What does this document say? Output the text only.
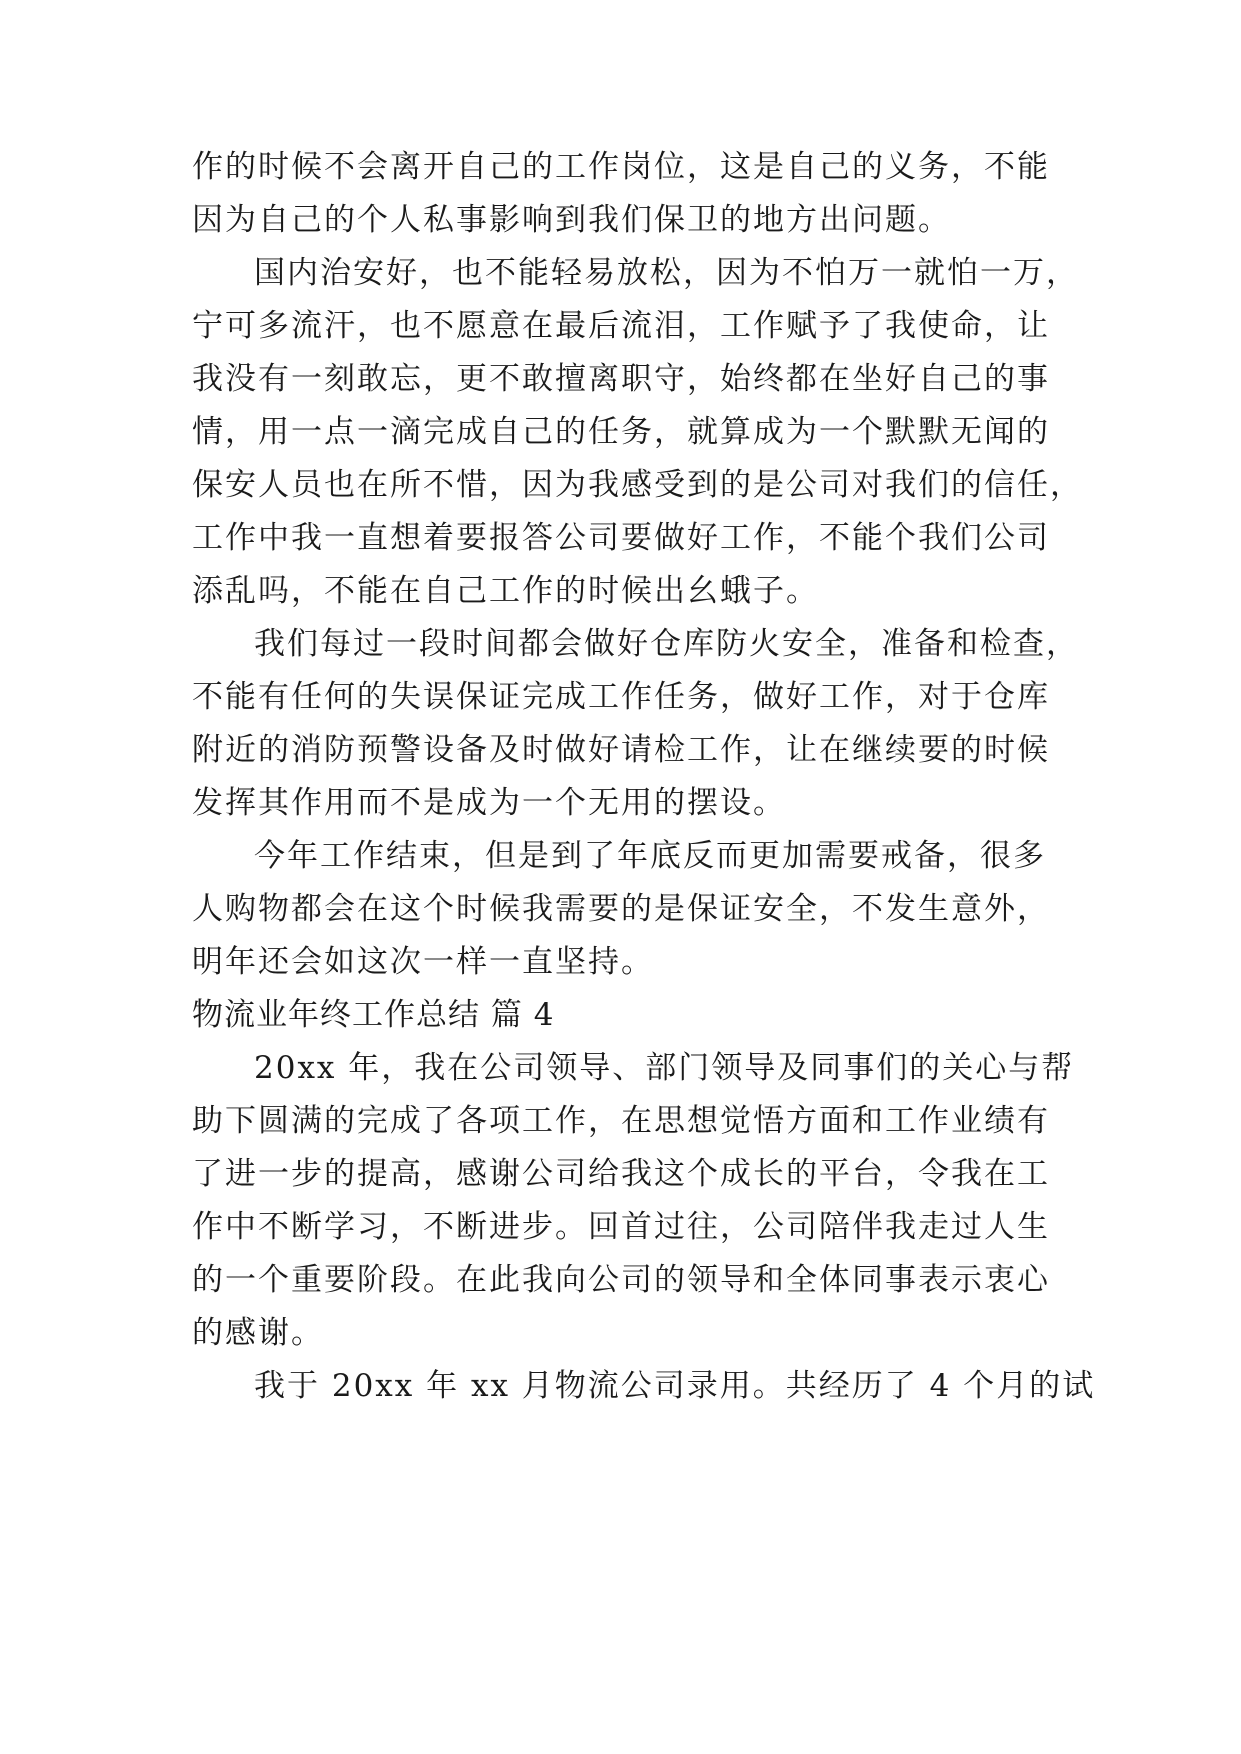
作的时候不会离开自己的工作岗位，这是自己的义务，不能
因为自己的个人私事影响到我们保卫的地方出问题。
国内治安好，也不能轻易放松，因为不怕万一就怕一万，
宁可多流汗，也不愿意在最后流泪，工作赋予了我使命，让
我没有一刻敢忘，更不敢擅离职守，始终都在坐好自己的事
情，用一点一滴完成自己的任务，就算成为一个默默无闻的
保安人员也在所不惜，因为我感受到的是公司对我们的信任，
工作中我一直想着要报答公司要做好工作，不能个我们公司
添乱吗，不能在自己工作的时候出幺蛾子。
我们每过一段时间都会做好仓库防火安全，准备和检查，
不能有任何的失误保证完成工作任务，做好工作，对于仓库
附近的消防预警设备及时做好请检工作，让在继续要的时候
发挥其作用而不是成为一个无用的摆设。
今年工作结束，但是到了年底反而更加需要戒备，很多
人购物都会在这个时候我需要的是保证安全，不发生意外，
明年还会如这次一样一直坚持。
物流业年终工作总结 篇 4
20xx 年，我在公司领导、部门领导及同事们的关心与帮
助下圆满的完成了各项工作，在思想觉悟方面和工作业绩有
了进一步的提高，感谢公司给我这个成长的平台，令我在工
作中不断学习，不断进步。回首过往，公司陪伴我走过人生
的一个重要阶段。在此我向公司的领导和全体同事表示衷心
的感谢。
我于 20xx 年 xx 月物流公司录用。共经历了 4 个月的试
